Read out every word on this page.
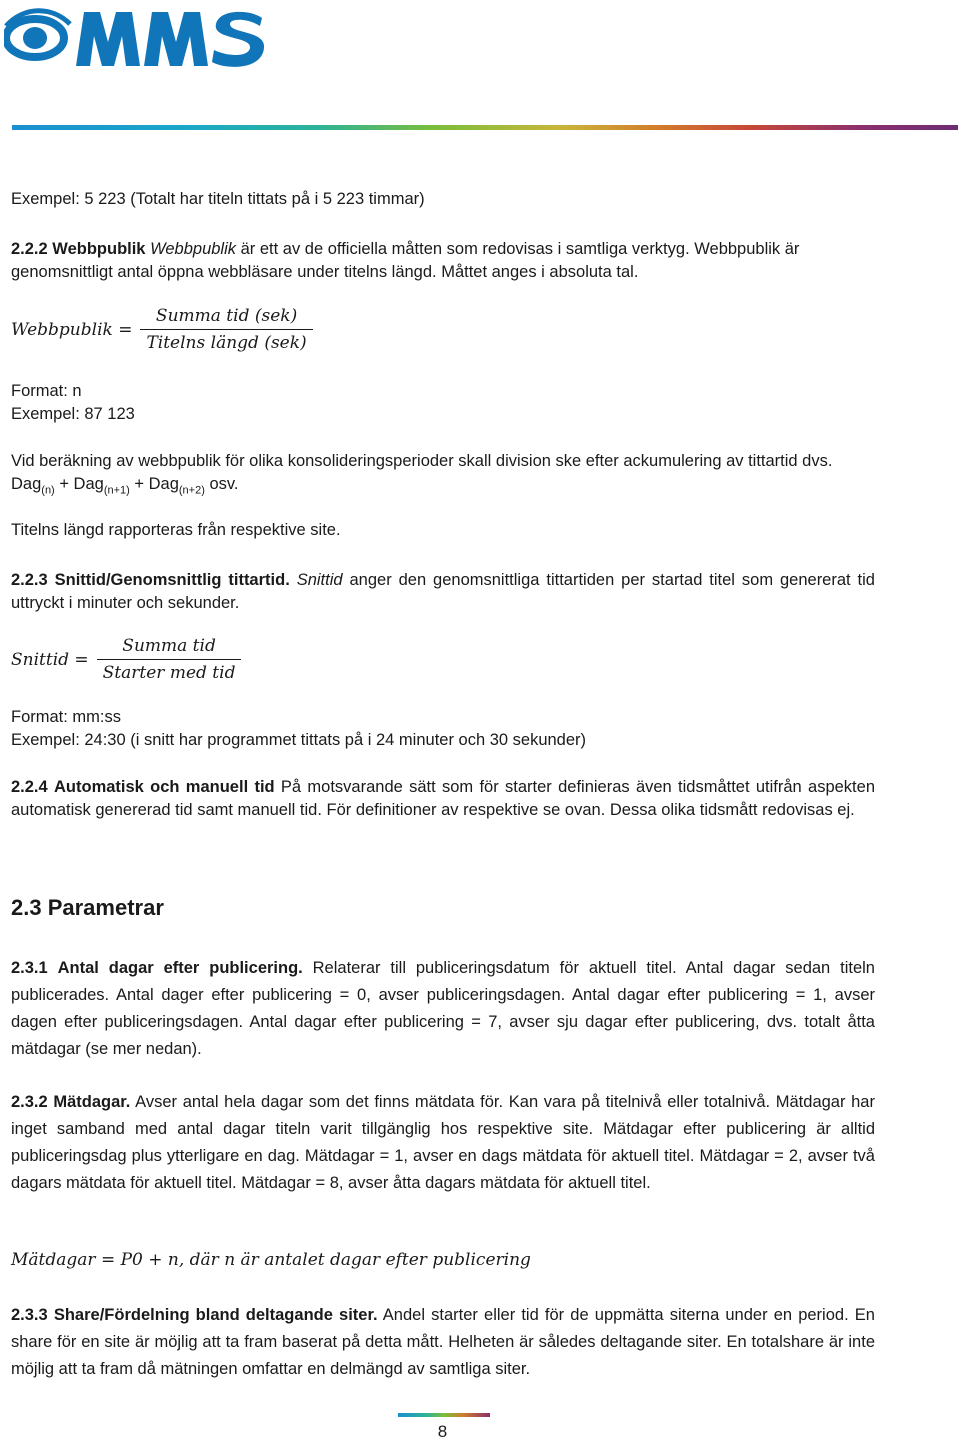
Exempel: 5 223 (Totalt har titeln tittats på i 5 223 timmar)

2.2.2 Webbpublik Webbpublik är ett av de officiella måtten som redovisas i samtliga verktyg. Webbpublik är genomsnittligt antal öppna webbläsare under titelns längd. Måttet anges i absoluta tal.

Webbpublik = $\frac{\text{Summa tid (sek)}}{\text{Titelns längd (sek)}}$

Format: n

Exempel: 87 123

Vid beräkning av webbpublik för olika konsolideringsperioder skall division ske efter ackumulering av tittartid dvs. Dag$_{(n)}$ + Dag$_{(n+1)}$ + Dag$_{(n+2)}$ osv.

Titelns längd rapporteras från respektive site.

2.2.3 Snittid/Genomsnittlig tittartid. Snittid anger den genomsnittliga tittartiden per startad titel som genererat tid uttryckt i minuter och sekunder.

Snittid = $\frac{\text{Summa tid}}{\text{Starter med tid}}$

Format: mm:ss

Exempel: 24:30 (i snitt har programmet tittats på i 24 minuter och 30 sekunder)

2.2.4 Automatisk och manuell tid På motsvarande sätt som för starter definieras även tidsmåttet utifrån aspekten automatisk genererad tid samt manuell tid. För definitioner av respektive se ovan. Dessa olika tidsmått redovisas ej.

2.3 Parametrar

2.3.1 Antal dagar efter publicering. Relaterar till publiceringsdatum för aktuell titel. Antal dagar sedan titeln publicerades. Antal dager efter publicering = 0, avser publiceringsdagen. Antal dagar efter publicering = 1, avser dagen efter publiceringsdagen. Antal dagar efter publicering = 7, avser sju dagar efter publicering, dvs. totalt åtta mätdagar (se mer nedan).

2.3.2 Mätdagar. Avser antal hela dagar som det finns mätdata för. Kan vara på titelnivå eller totalnivå. Mätdagar har inget samband med antal dagar titeln varit tillgänglig hos respektive site. Mätdagar efter publicering är alltid publiceringsdag plus ytterligare en dag. Mätdagar = 1, avser en dags mätdata för aktuell titel. Mätdagar = 2, avser två dagars mätdata för aktuell titel. Mätdagar = 8, avser åtta dagars mätdata för aktuell titel.

Mätdagar = P0 + n, där n är antalet dagar efter publicering

2.3.3 Share/Fördelning bland deltagande siter. Andel starter eller tid för de uppmätta siterna under en period. En share för en site är möjlig att ta fram baserat på detta mått. Helheten är således deltagande siter. En totalshare är inte möjlig att ta fram då mätningen omfattar en delmängd av samtliga siter.

8
